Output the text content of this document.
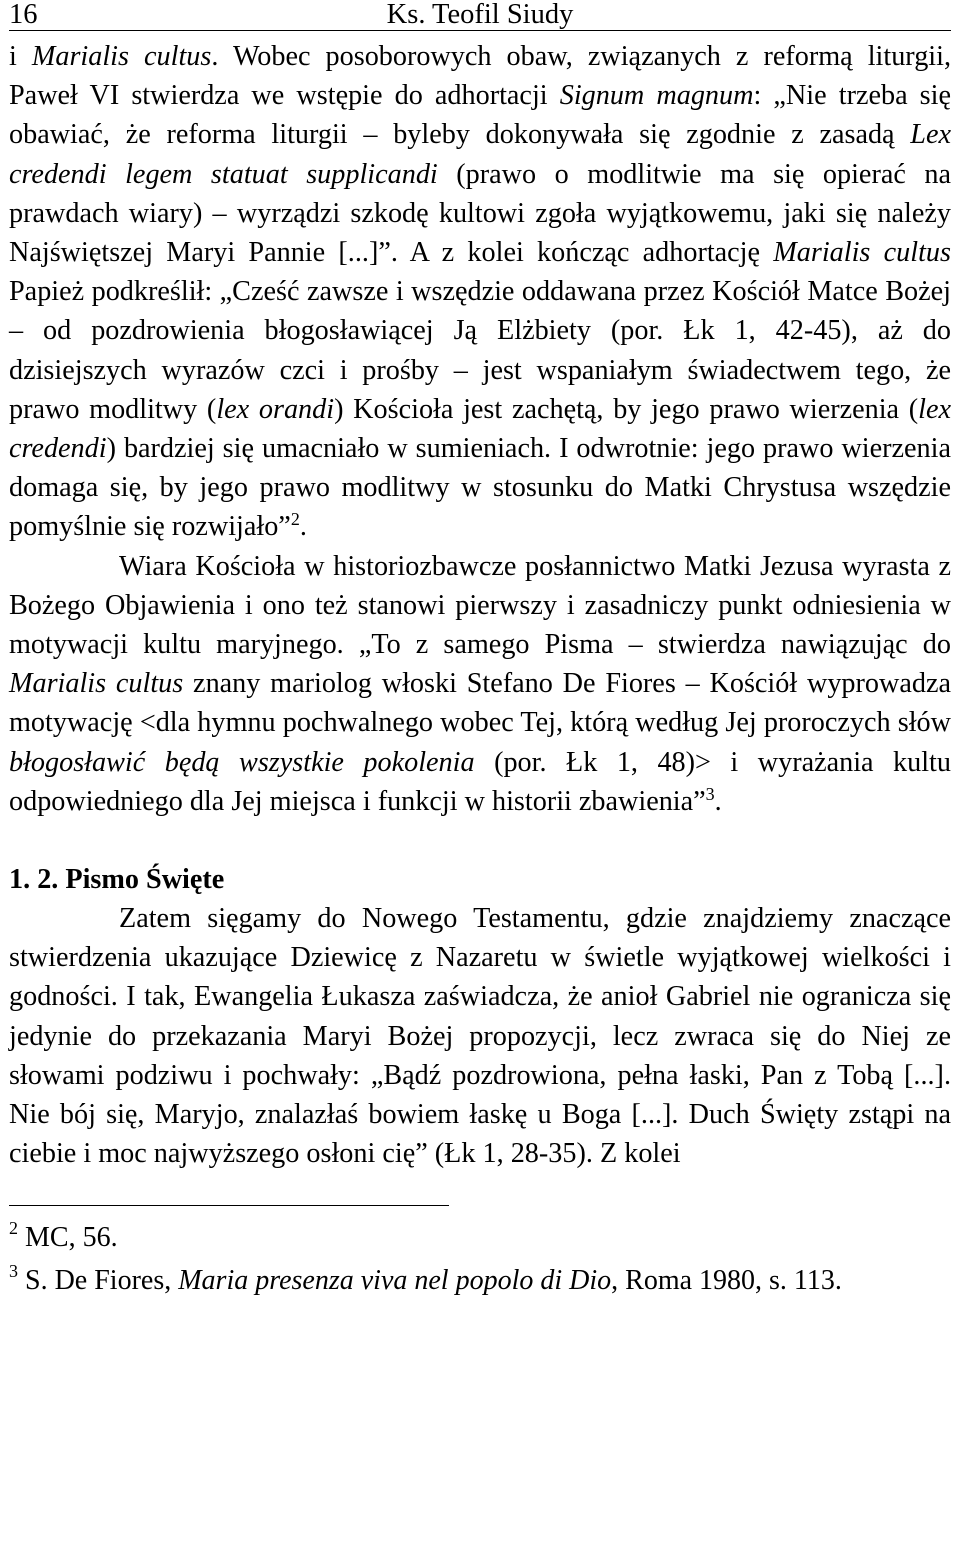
16	Ks. Teofil Siudy

i Marialis cultus. Wobec posoborowych obaw, związanych z reformą liturgii, Paweł VI stwierdza we wstępie do adhortacji Signum magnum: „Nie trzeba się obawiać, że reforma liturgii – byleby dokonywała się zgodnie z zasadą Lex credendi legem statuat supplicandi (prawo o modlitwie ma się opierać na prawdach wiary) – wyrządzi szkodę kultowi zgoła wyjątkowemu, jaki się należy Najświętszej Maryi Pannie [...]”. A z kolei kończąc adhortację Marialis cultus Papież podkreślił: „Cześć zawsze i wszędzie oddawana przez Kościół Matce Bożej – od pozdrowienia błogosławiącej Ją Elżbiety (por. Łk 1, 42-45), aż do dzisiejszych wyrazów czci i prośby – jest wspaniałym świadectwem tego, że prawo modlitwy (lex orandi) Kościoła jest zachętą, by jego prawo wierzenia (lex credendi) bardziej się umacniało w sumieniach. I odwrotnie: jego prawo wierzenia domaga się, by jego prawo modlitwy w stosunku do Matki Chrystusa wszędzie pomyślnie się rozwijało”$^2$.

Wiara Kościoła w historiozbawcze posłannictwo Matki Jezusa wyrasta z Bożego Objawienia i ono też stanowi pierwszy i zasadniczy punkt odniesienia w motywacji kultu maryjnego. „To z samego Pisma – stwierdza nawiązując do Marialis cultus znany mariolog włoski Stefano De Fiores – Kościół wyprowadza motywację <dla hymnu pochwalnego wobec Tej, którą według Jej proroczych słów błogosławić będą wszystkie pokolenia (por. Łk 1, 48)> i wyrażania kultu odpowiedniego dla Jej miejsca i funkcji w historii zbawienia”$^3$.

1. 2. Pismo Święte

Zatem sięgamy do Nowego Testamentu, gdzie znajdziemy znaczące stwierdzenia ukazujące Dziewicę z Nazaretu w świetle wyjątkowej wielkości i godności. I tak, Ewangelia Łukasza zaświadcza, że anioł Gabriel nie ogranicza się jedynie do przekazania Maryi Bożej propozycji, lecz zwraca się do Niej ze słowami podziwu i pochwały: „Bądź pozdrowiona, pełna łaski, Pan z Tobą [...]. Nie bój się, Maryjo, znalazłaś bowiem łaskę u Boga [...]. Duch Święty zstąpi na ciebie i moc najwyższego osłoni cię” (Łk 1, 28-35). Z kolei

$^2$ MC, 56.

$^3$ S. De Fiores, Maria presenza viva nel popolo di Dio, Roma 1980, s. 113.
